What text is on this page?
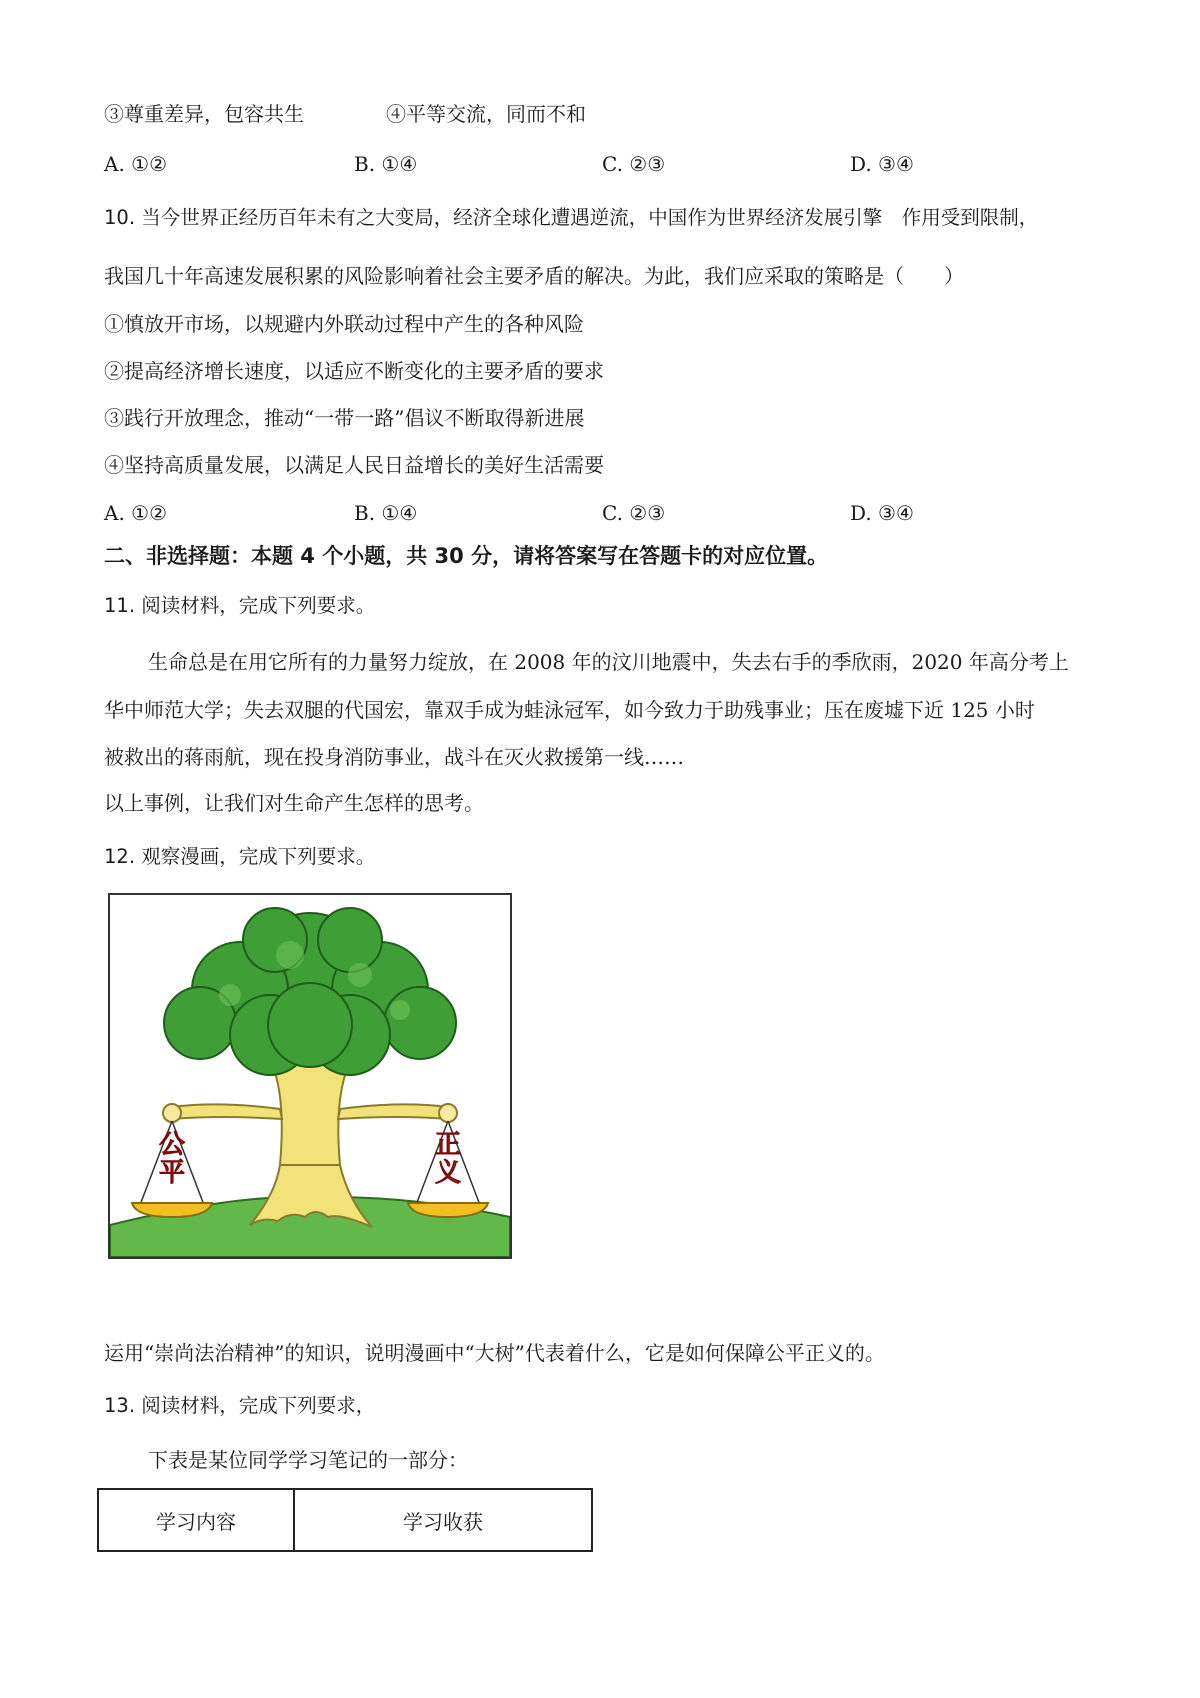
③尊重差异，包容共生	④平等交流，同而不和
A. ①②	B. ①④	C. ②③	D. ③④
10. 当今世界正经历百年未有之大变局，经济全球化遭遇逆流，中国作为世界经济发展引擎　作用受到限制，
我国几十年高速发展积累的风险影响着社会主要矛盾的解决。为此，我们应采取的策略是（　　）
①慎放开市场，以规避内外联动过程中产生的各种风险
②提高经济增长速度，以适应不断变化的主要矛盾的要求
③践行开放理念，推动“一带一路”倡议不断取得新进展
④坚持高质量发展，以满足人民日益增长的美好生活需要
A. ①②	B. ①④	C. ②③	D. ③④
二、非选择题：本题 4 个小题，共 30 分，请将答案写在答题卡的对应位置。
11. 阅读材料，完成下列要求。
生命总是在用它所有的力量努力绽放，在 2008 年的汶川地震中，失去右手的季欣雨，2020 年高分考上
华中师范大学；失去双腿的代国宏，靠双手成为蛙泳冠军，如今致力于助残事业；压在废墟下近 125 小时
被救出的蒋雨航，现在投身消防事业，战斗在灭火救援第一线……
以上事例，让我们对生命产生怎样的思考。
12. 观察漫画，完成下列要求。
公平
正义
运用“崇尚法治精神”的知识，说明漫画中“大树”代表着什么，它是如何保障公平正义的。
13. 阅读材料，完成下列要求，
下表是某位同学学习笔记的一部分：
学习内容	学习收获
